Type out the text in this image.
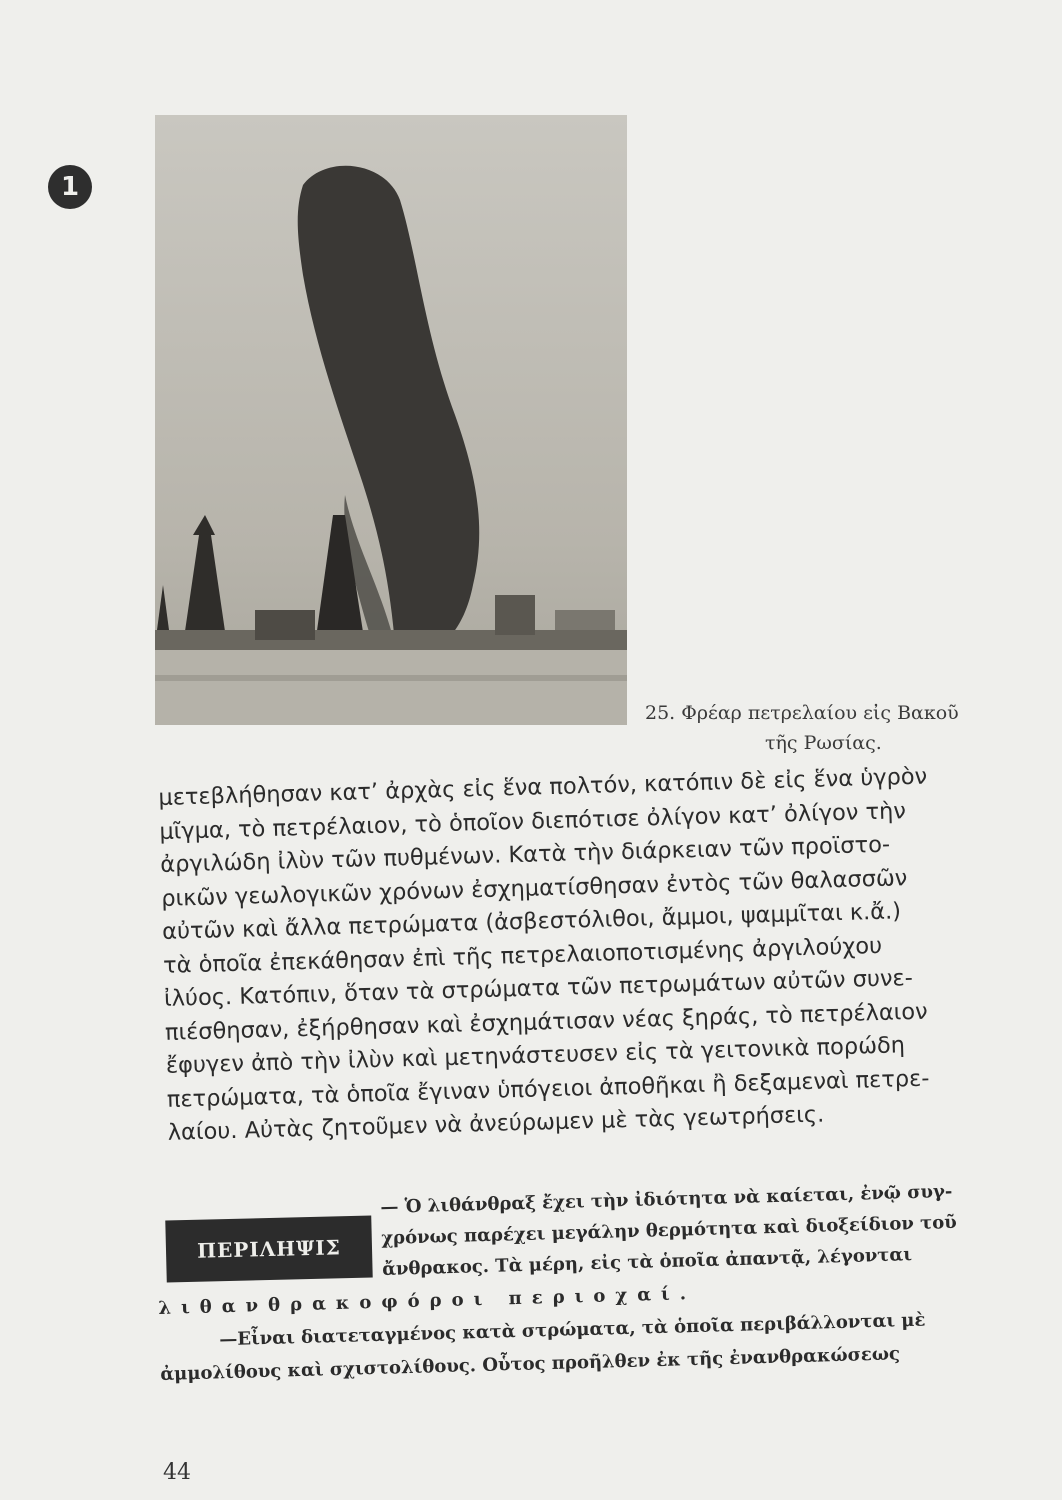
1
25. Φρέαρ πετρελαίου εἰς Βακοῦ
τῆς Ρωσίας.
μετεβλήθησαν κατ’ ἀρχὰς εἰς ἕνα πολτόν, κατόπιν δὲ εἰς ἕνα ὑγρὸν
μῖγμα, τὸ πετρέλαιον, τὸ ὁποῖον διεπότισε ὀλίγον κατ’ ὀλίγον τὴν
ἀργιλώδη ἰλὺν τῶν πυθμένων. Κατὰ τὴν διάρκειαν τῶν προϊστο-
ρικῶν γεωλογικῶν χρόνων ἐσχηματίσθησαν ἐντὸς τῶν θαλασσῶν
αὐτῶν καὶ ἄλλα πετρώματα (ἀσβεστόλιθοι, ἄμμοι, ψαμμῖται κ.ἄ.)
τὰ ὁποῖα ἐπεκάθησαν ἐπὶ τῆς πετρελαιοποτισμένης ἀργιλούχου
ἰλύος. Κατόπιν, ὅταν τὰ στρώματα τῶν πετρωμάτων αὐτῶν συνε-
πιέσθησαν, ἐξήρθησαν καὶ ἐσχημάτισαν νέας ξηράς, τὸ πετρέλαιον
ἔφυγεν ἀπὸ τὴν ἰλὺν καὶ μετηνάστευσεν εἰς τὰ γειτονικὰ πορώδη
πετρώματα, τὰ ὁποῖα ἔγιναν ὑπόγειοι ἀποθῆκαι ἢ δεξαμεναὶ πετρε-
λαίου. Αὐτὰς ζητοῦμεν νὰ ἀνεύρωμεν μὲ τὰς γεωτρήσεις.
ΠΕΡΙΛΗΨΙΣ
— Ὁ λιθάνθραξ ἔχει τὴν ἰδιότητα νὰ καίεται, ἐνῷ συγ-
χρόνως παρέχει μεγάλην θερμότητα καὶ διοξείδιον τοῦ
ἄνθρακος. Τὰ μέρη, εἰς τὰ ὁποῖα ἀπαντᾷ, λέγονται
λιθανθρακοφόροι περιοχαί.
—Εἶναι διατεταγμένος κατὰ στρώματα, τὰ ὁποῖα περιβάλλονται μὲ
ἀμμολίθους καὶ σχιστολίθους. Οὗτος προῆλθεν ἐκ τῆς ἐνανθρακώσεως
44
